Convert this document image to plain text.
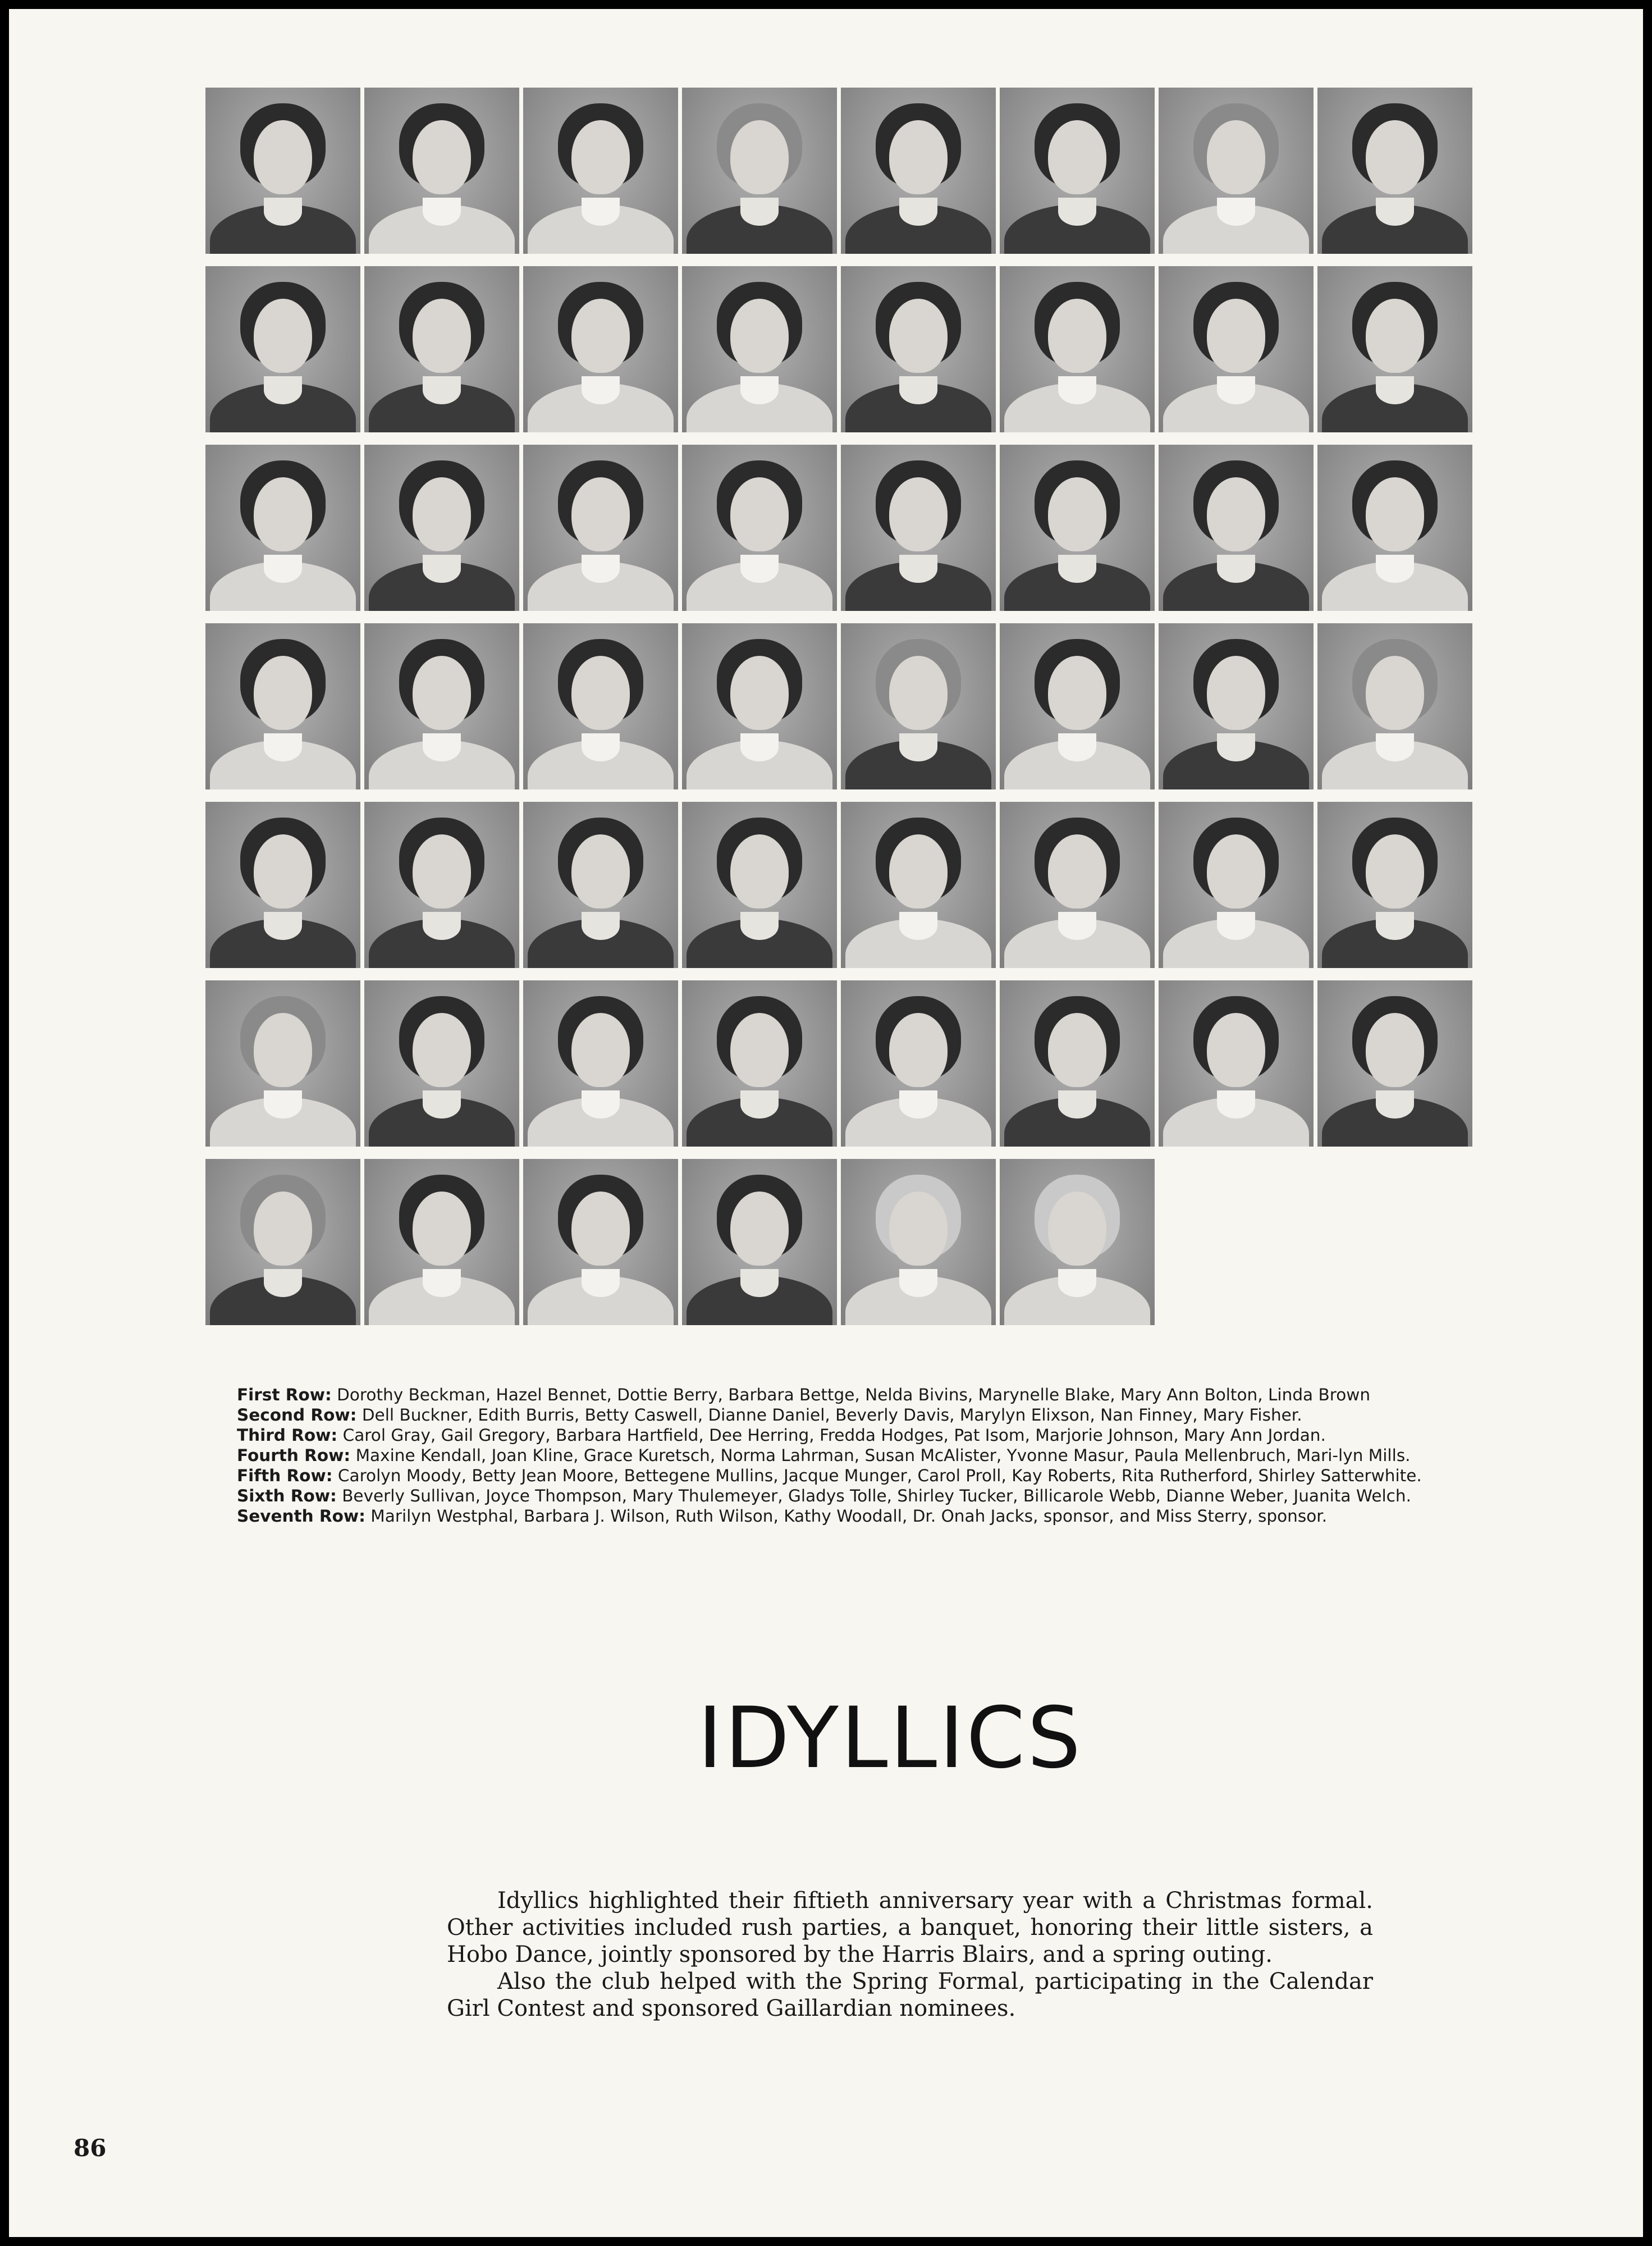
First Row: Dorothy Beckman, Hazel Bennet, Dottie Berry, Barbara Bettge, Nelda Bivins, Marynelle Blake, Mary Ann Bolton, Linda Brown
Second Row: Dell Buckner, Edith Burris, Betty Caswell, Dianne Daniel, Beverly Davis, Marylyn Elixson, Nan Finney, Mary Fisher.
Third Row: Carol Gray, Gail Gregory, Barbara Hartfield, Dee Herring, Fredda Hodges, Pat Isom, Marjorie Johnson, Mary Ann Jordan.
Fourth Row: Maxine Kendall, Joan Kline, Grace Kuretsch, Norma Lahrman, Susan McAlister, Yvonne Masur, Paula Mellenbruch, Mari-lyn Mills.
Fifth Row: Carolyn Moody, Betty Jean Moore, Bettegene Mullins, Jacque Munger, Carol Proll, Kay Roberts, Rita Rutherford, Shirley Satterwhite.
Sixth Row: Beverly Sullivan, Joyce Thompson, Mary Thulemeyer, Gladys Tolle, Shirley Tucker, Billicarole Webb, Dianne Weber, Juanita Welch.
Seventh Row: Marilyn Westphal, Barbara J. Wilson, Ruth Wilson, Kathy Woodall, Dr. Onah Jacks, sponsor, and Miss Sterry, sponsor.
IDYLLICS

Idyllics highlighted their fiftieth anniversary year with a Christmas formal. Other activities included rush parties, a banquet, honoring their little sisters, a Hobo Dance, jointly sponsored by the Harris Blairs, and a spring outing.

Also the club helped with the Spring Formal, participating in the Calendar Girl Contest and sponsored Gaillardian nominees.

86
